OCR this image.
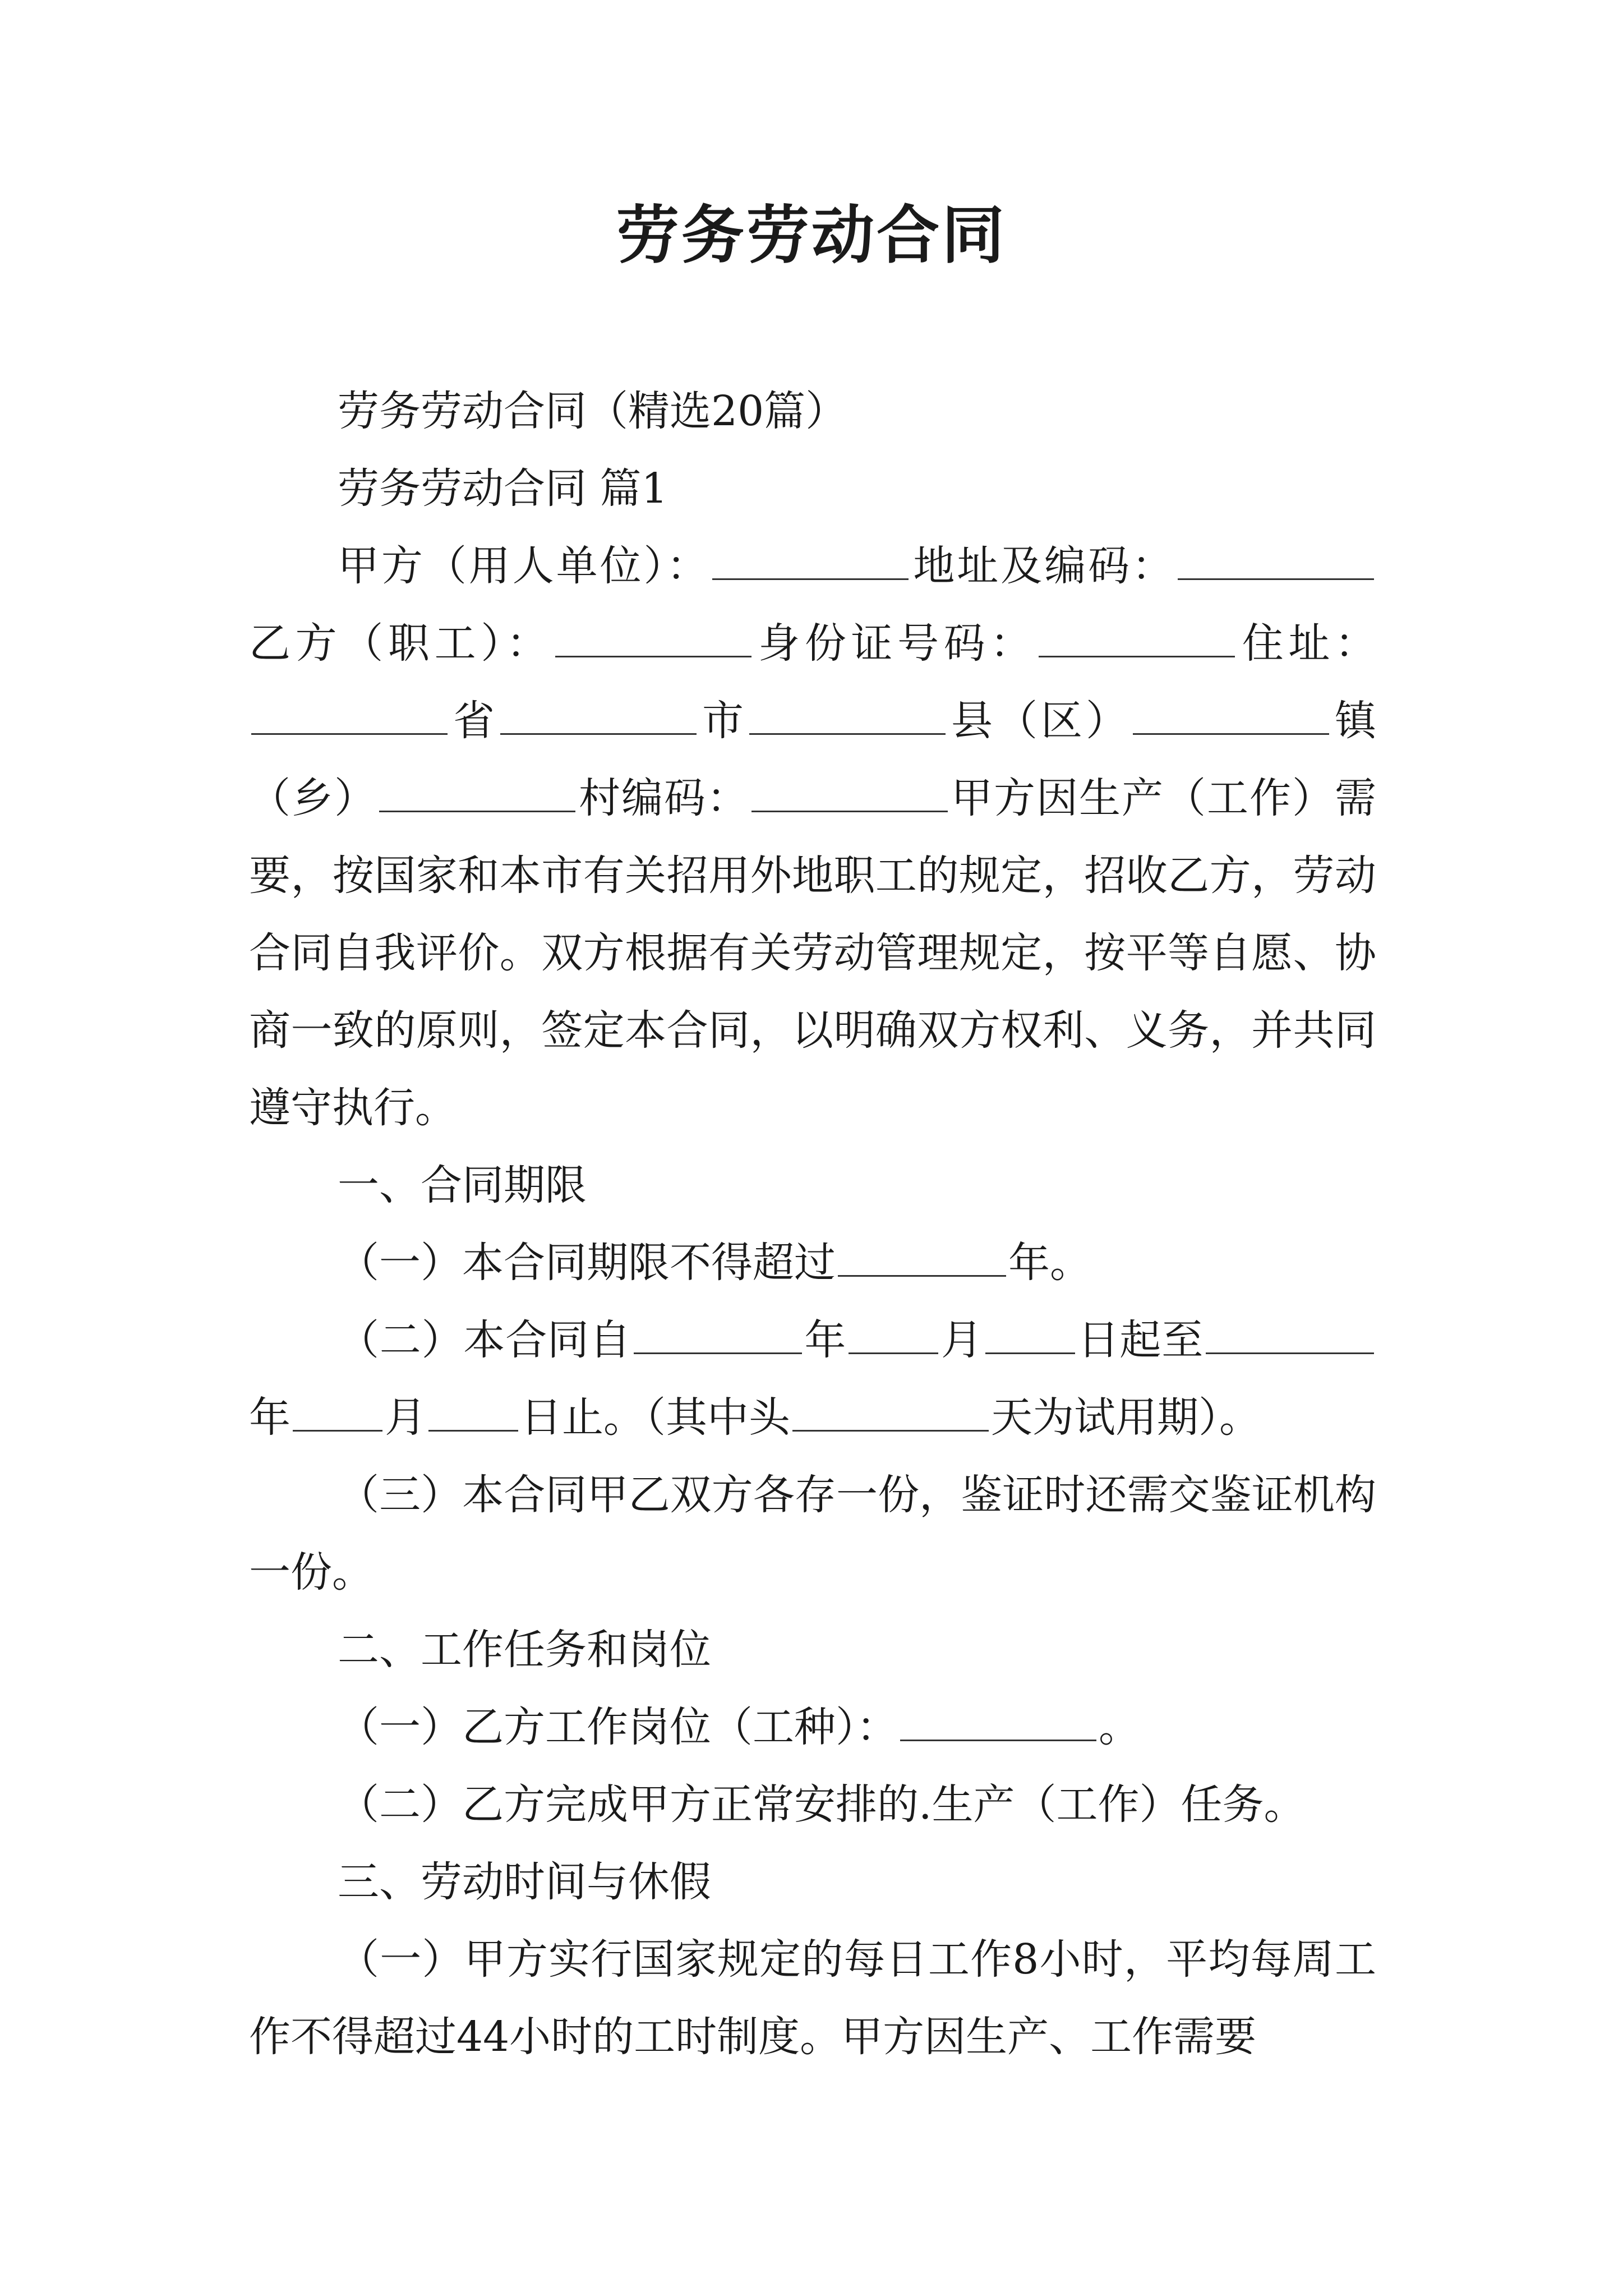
劳务劳动合同

劳务劳动合同（精选20篇）

劳务劳动合同 篇1

甲方（用人单位）：	地址及编码：乙方（职工）：	身份证号码：	住址：省	市	县（区）	镇（乡）	村编码：	甲方因生产（工作）需要，按国家和本市有关招用外地职工的规定，招收乙方，劳动合同自我评价。双方根据有关劳动管理规定，按平等自愿、协商一致的原则，签定本合同，以明确双方权利、义务，并共同遵守执行。

一、合同期限

（一）本合同期限不得超过	年。

（二）本合同自	年 月 日起至年 月 日止。（其中头	天为试用期）。

（三）本合同甲乙双方各存一份，鉴证时还需交鉴证机构一份。

二、工作任务和岗位

（一）乙方工作岗位（工种）：	。

（二）乙方完成甲方正常安排的.生产（工作）任务。

三、劳动时间与休假

（一）甲方实行国家规定的每日工作8小时，平均每周工作不得超过44小时的工时制度。甲方因生产、工作需要
